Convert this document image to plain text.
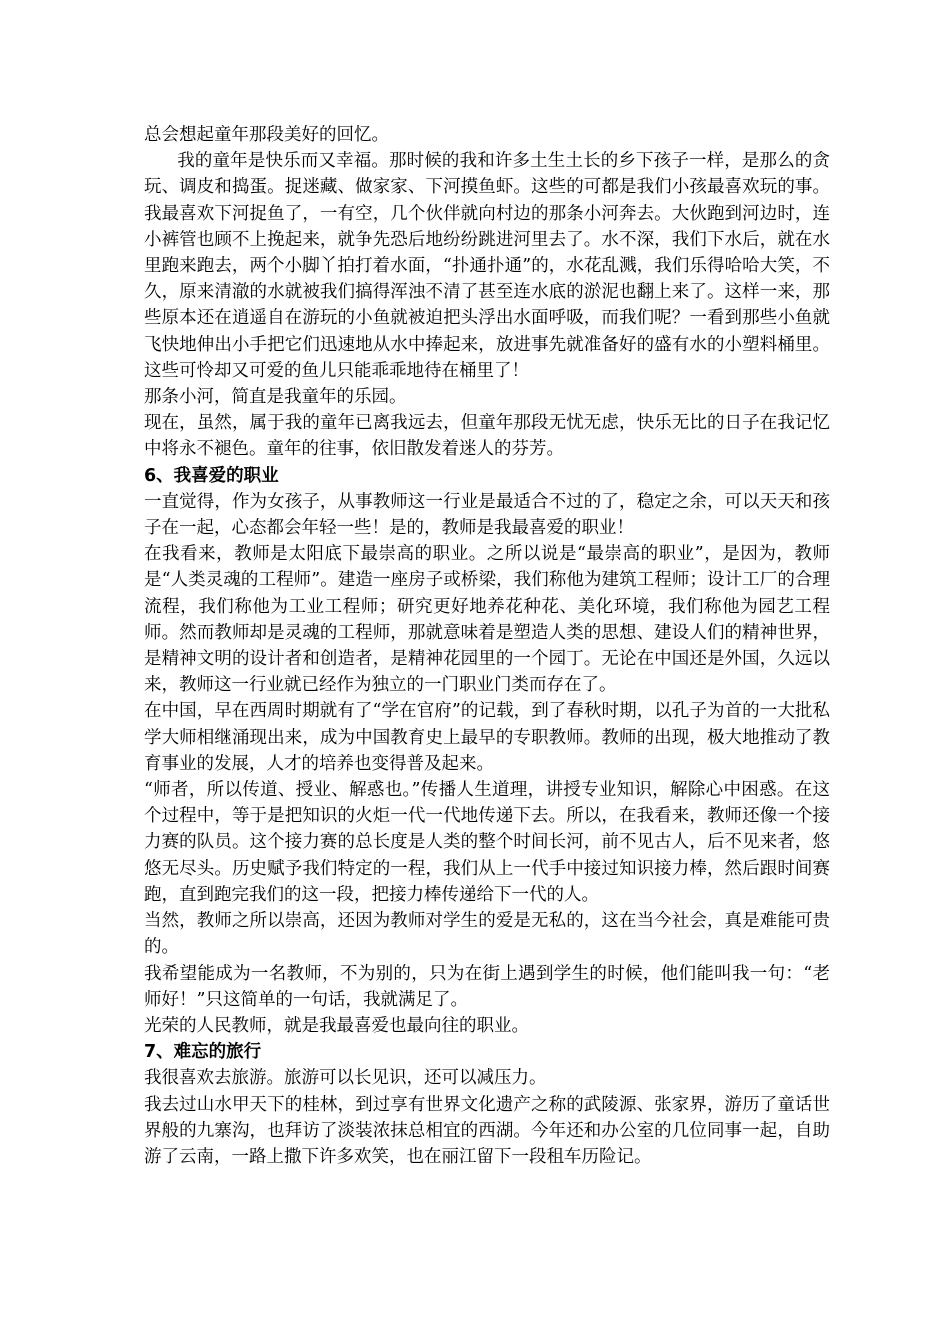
总会想起童年那段美好的回忆。

我的童年是快乐而又幸福。那时候的我和许多土生土长的乡下孩子一样，是那么的贪玩、调皮和捣蛋。捉迷藏、做家家、下河摸鱼虾。这些的可都是我们小孩最喜欢玩的事。我最喜欢下河捉鱼了，一有空，几个伙伴就向村边的那条小河奔去。大伙跑到河边时，连小裤管也顾不上挽起来，就争先恐后地纷纷跳进河里去了。水不深，我们下水后，就在水里跑来跑去，两个小脚丫拍打着水面，“扑通扑通”的，水花乱溅，我们乐得哈哈大笑，不久，原来清澈的水就被我们搞得浑浊不清了甚至连水底的淤泥也翻上来了。这样一来，那些原本还在逍遥自在游玩的小鱼就被迫把头浮出水面呼吸，而我们呢？一看到那些小鱼就飞快地伸出小手把它们迅速地从水中捧起来，放进事先就准备好的盛有水的小塑料桶里。这些可怜却又可爱的鱼儿只能乖乖地待在桶里了！

那条小河，简直是我童年的乐园。

现在，虽然，属于我的童年已离我远去，但童年那段无忧无虑，快乐无比的日子在我记忆中将永不褪色。童年的往事，依旧散发着迷人的芬芳。

6、我喜爱的职业

一直觉得，作为女孩子，从事教师这一行业是最适合不过的了，稳定之余，可以天天和孩子在一起，心态都会年轻一些！是的，教师是我最喜爱的职业！

在我看来，教师是太阳底下最崇高的职业。之所以说是“最崇高的职业”，是因为，教师是“人类灵魂的工程师”。建造一座房子或桥梁，我们称他为建筑工程师；设计工厂的合理流程，我们称他为工业工程师；研究更好地养花种花、美化环境，我们称他为园艺工程师。然而教师却是灵魂的工程师，那就意味着是塑造人类的思想、建设人们的精神世界，是精神文明的设计者和创造者，是精神花园里的一个园丁。无论在中国还是外国，久远以来，教师这一行业就已经作为独立的一门职业门类而存在了。

在中国，早在西周时期就有了“学在官府”的记载，到了春秋时期，以孔子为首的一大批私学大师相继涌现出来，成为中国教育史上最早的专职教师。教师的出现，极大地推动了教育事业的发展，人才的培养也变得普及起来。

“师者，所以传道、授业、解惑也。”传播人生道理，讲授专业知识，解除心中困惑。在这个过程中，等于是把知识的火炬一代一代地传递下去。所以，在我看来，教师还像一个接力赛的队员。这个接力赛的总长度是人类的整个时间长河，前不见古人，后不见来者，悠悠无尽头。历史赋予我们特定的一程，我们从上一代手中接过知识接力棒，然后跟时间赛跑，直到跑完我们的这一段，把接力棒传递给下一代的人。

当然，教师之所以崇高，还因为教师对学生的爱是无私的，这在当今社会，真是难能可贵的。

我希望能成为一名教师，不为别的，只为在街上遇到学生的时候，他们能叫我一句：“老师好！”只这简单的一句话，我就满足了。

光荣的人民教师，就是我最喜爱也最向往的职业。

7、难忘的旅行

我很喜欢去旅游。旅游可以长见识，还可以减压力。

我去过山水甲天下的桂林，到过享有世界文化遗产之称的武陵源、张家界，游历了童话世界般的九寨沟，也拜访了淡装浓抹总相宜的西湖。今年还和办公室的几位同事一起，自助游了云南，一路上撒下许多欢笑，也在丽江留下一段租车历险记。
